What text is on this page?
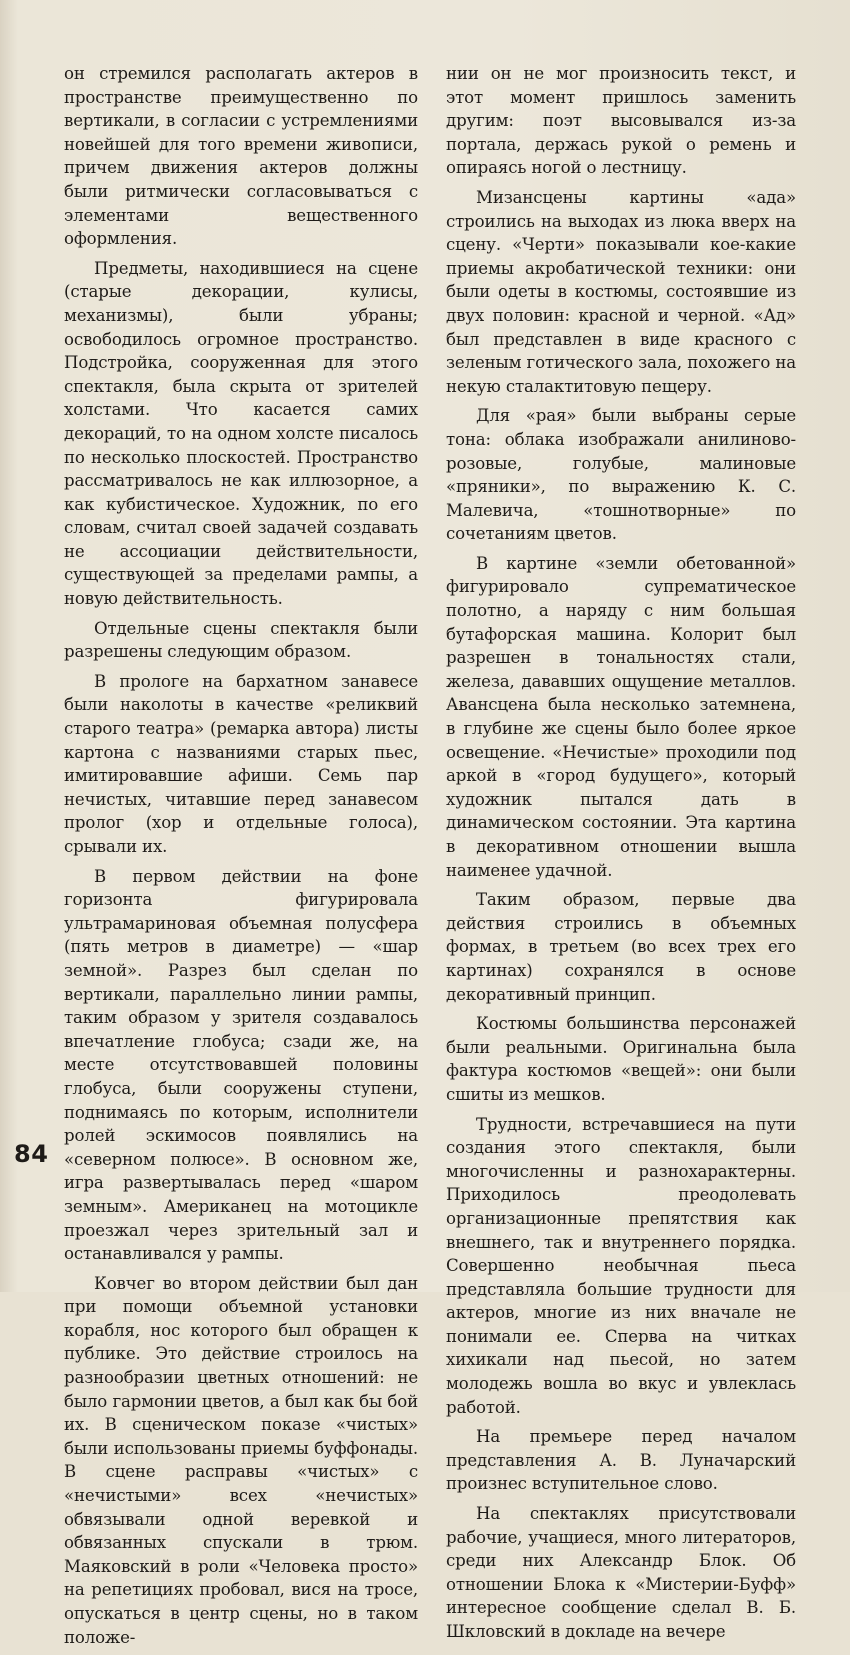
он стремился располагать актеров в пространстве преимущественно по вертикали, в согласии с устремлениями новейшей для того времени живописи, причем движения актеров должны были ритмически согласовываться с элементами вещественного оформления.

Предметы, находившиеся на сцене (старые декорации, кулисы, механизмы), были убраны; освободилось огромное пространство. Подстройка, сооруженная для этого спектакля, была скрыта от зрителей холстами. Что касается самих декораций, то на одном холсте писалось по несколько плоскостей. Пространство рассматривалось не как иллюзорное, а как кубистическое. Художник, по его словам, считал своей задачей создавать не ассоциации действительности, существующей за пределами рампы, а новую действительность.

Отдельные сцены спектакля были разрешены следующим образом.

В прологе на бархатном занавесе были наколоты в качестве «реликвий старого театра» (ремарка автора) листы картона с названиями старых пьес, имитировавшие афиши. Семь пар нечистых, читавшие перед занавесом пролог (хор и отдельные голоса), срывали их.

В первом действии на фоне горизонта фигурировала ультрамариновая объемная полусфера (пять метров в диаметре) — «шар земной». Разрез был сделан по вертикали, параллельно линии рампы, таким образом у зрителя создавалось впечатление глобуса; сзади же, на месте отсутствовавшей половины глобуса, были сооружены ступени, поднимаясь по которым, исполнители ролей эскимосов появлялись на «северном полюсе». В основном же, игра развертывалась перед «шаром земным». Американец на мотоцикле проезжал через зрительный зал и останавливался у рампы.

Ковчег во втором действии был дан при помощи объемной установки корабля, нос которого был обращен к публике. Это действие строилось на разнообразии цветных отношений: не было гармонии цветов, а был как бы бой их. В сценическом показе «чистых» были использованы приемы буффонады. В сцене расправы «чистых» с «нечистыми» всех «нечистых» обвязывали одной веревкой и обвязанных спускали в трюм. Маяковский в роли «Человека просто» на репетициях пробовал, вися на тросе, опускаться в центр сцены, но в таком положе-

нии он не мог произносить текст, и этот момент пришлось заменить другим: поэт высовывался из-за портала, держась рукой о ремень и опираясь ногой о лестницу.

Мизансцены картины «ада» строились на выходах из люка вверх на сцену. «Черти» показывали кое-какие приемы акробатической техники: они были одеты в костюмы, состоявшие из двух половин: красной и черной. «Ад» был представлен в виде красного с зеленым готического зала, похожего на некую сталактитовую пещеру.

Для «рая» были выбраны серые тона: облака изображали анилиново-розовые, голубые, малиновые «пряники», по выражению К. С. Малевича, «тошнотворные» по сочетаниям цветов.

В картине «земли обетованной» фигурировало супрематическое полотно, а наряду с ним большая бутафорская машина. Колорит был разрешен в тональностях стали, железа, дававших ощущение металлов. Авансцена была несколько затемнена, в глубине же сцены было более яркое освещение. «Нечистые» проходили под аркой в «город будущего», который художник пытался дать в динамическом состоянии. Эта картина в декоративном отношении вышла наименее удачной.

Таким образом, первые два действия строились в объемных формах, в третьем (во всех трех его картинах) сохранялся в основе декоративный принцип.

Костюмы большинства персонажей были реальными. Оригинальна была фактура костюмов «вещей»: они были сшиты из мешков.

Трудности, встречавшиеся на пути создания этого спектакля, были многочисленны и разнохарактерны. Приходилось преодолевать организационные препятствия как внешнего, так и внутреннего порядка. Совершенно необычная пьеса представляла большие трудности для актеров, многие из них вначале не понимали ее. Сперва на читках хихикали над пьесой, но затем молодежь вошла во вкус и увлеклась работой.

На премьере перед началом представления А. В. Луначарский произнес вступительное слово.

На спектаклях присутствовали рабочие, учащиеся, много литераторов, среди них Александр Блок. Об отношении Блока к «Мистерии-Буфф» интересное сообщение сделал В. Б. Шкловский в докладе на вечере

84
